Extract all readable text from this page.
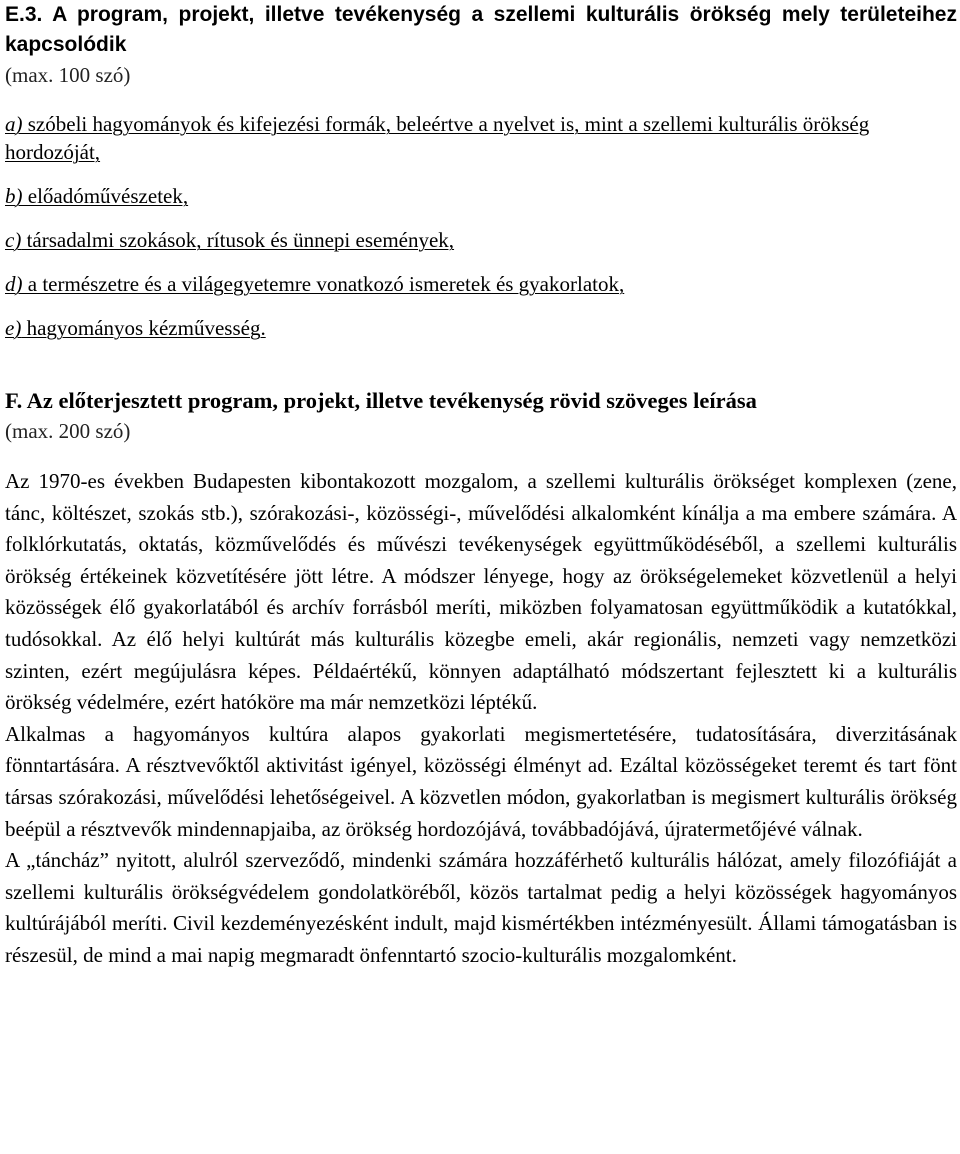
E.3. A program, projekt, illetve tevékenység a szellemi kulturális örökség mely területeihez kapcsolódik

(max. 100 szó)

a) szóbeli hagyományok és kifejezési formák, beleértve a nyelvet is, mint a szellemi kulturális örökség hordozóját,
b) előadóművészetek,
c) társadalmi szokások, rítusok és ünnepi események,
d) a természetre és a világegyetemre vonatkozó ismeretek és gyakorlatok,
e) hagyományos kézművesség.
F. Az előterjesztett program, projekt, illetve tevékenység rövid szöveges leírása

(max. 200 szó)

Az 1970-es években Budapesten kibontakozott mozgalom, a szellemi kulturális örökséget komplexen (zene, tánc, költészet, szokás stb.), szórakozási-, közösségi-, művelődési alkalomként kínálja a ma embere számára. A folklórkutatás, oktatás, közművelődés és művészi tevékenységek együttműködéséből, a szellemi kulturális örökség értékeinek közvetítésére jött létre. A módszer lényege, hogy az örökségelemeket közvetlenül a helyi közösségek élő gyakorlatából és archív forrásból meríti, miközben folyamatosan együttműködik a kutatókkal, tudósokkal. Az élő helyi kultúrát más kulturális közegbe emeli, akár regionális, nemzeti vagy nemzetközi szinten, ezért megújulásra képes. Példaértékű, könnyen adaptálható módszertant fejlesztett ki a kulturális örökség védelmére, ezért hatóköre ma már nemzetközi léptékű.

Alkalmas a hagyományos kultúra alapos gyakorlati megismertetésére, tudatosítására, diverzitásának fönntartására. A résztvevőktől aktivitást igényel, közösségi élményt ad. Ezáltal közösségeket teremt és tart fönt társas szórakozási, művelődési lehetőségeivel. A közvetlen módon, gyakorlatban is megismert kulturális örökség beépül a résztvevők mindennapjaiba, az örökség hordozójává, továbbadójává, újratermetőjévé válnak.

A „táncház” nyitott, alulról szerveződő, mindenki számára hozzáférhető kulturális hálózat, amely filozófiáját a szellemi kulturális örökségvédelem gondolatköréből, közös tartalmat pedig a helyi közösségek hagyományos kultúrájából meríti. Civil kezdeményezésként indult, majd kismértékben intézményesült. Állami támogatásban is részesül, de mind a mai napig megmaradt önfenntartó szocio-kulturális mozgalomként.
